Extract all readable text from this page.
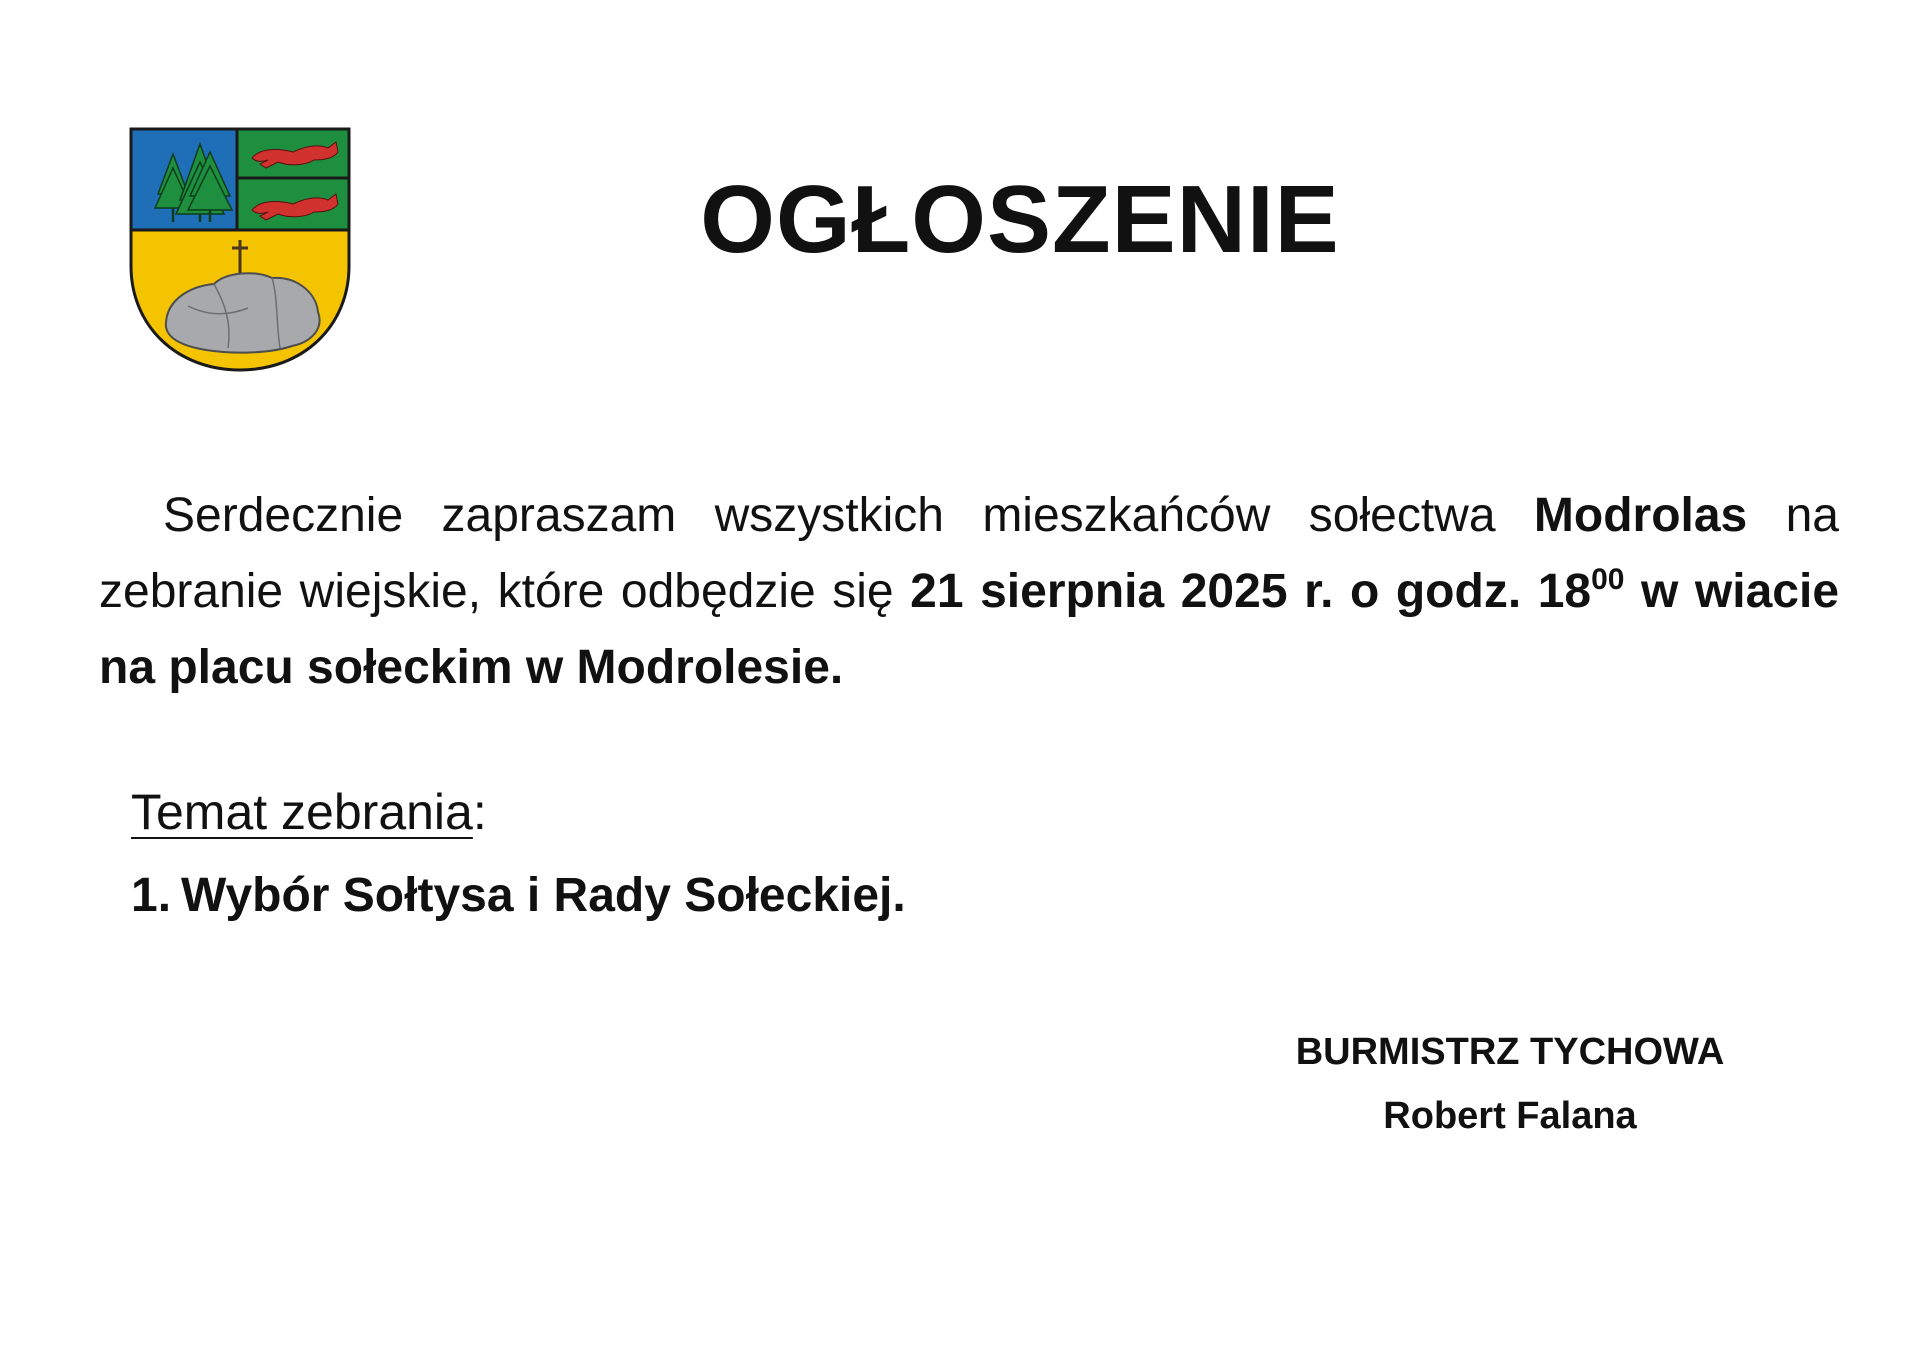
OGŁOSZENIE

Serdecznie zapraszam wszystkich mieszkańców sołectwa Modrolas na zebranie wiejskie, które odbędzie się 21 sierpnia 2025 r. o godz. $18^{00}$ w wiacie na placu sołeckim w Modrolesie.

Temat zebrania:
1. Wybór Sołtysa i Rady Sołeckiej.
BURMISTRZ TYCHOWA
Robert Falana
